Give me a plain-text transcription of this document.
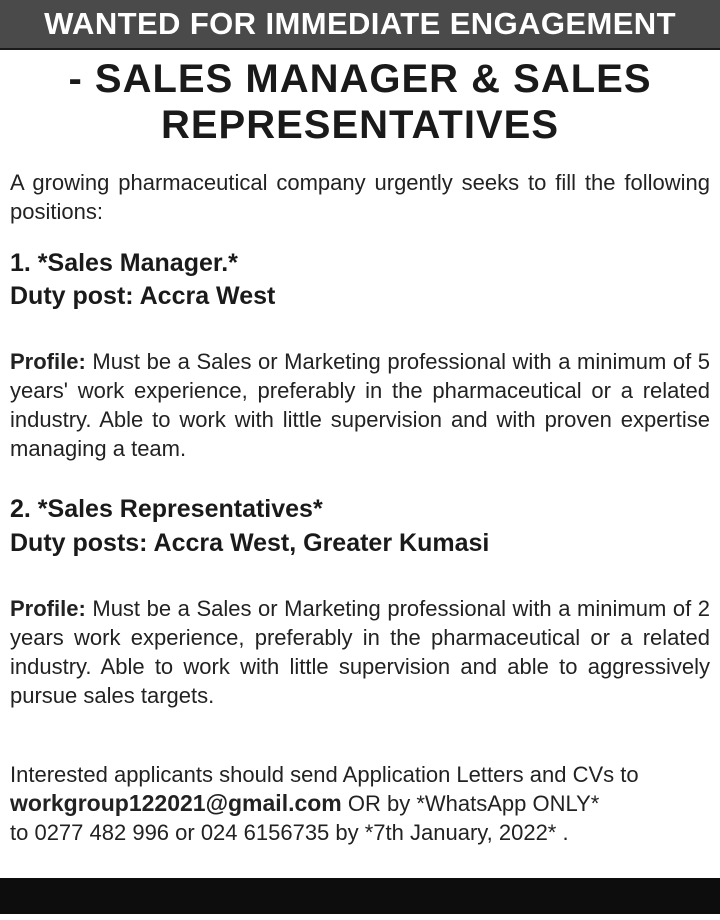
WANTED FOR IMMEDIATE ENGAGEMENT
- SALES MANAGER & SALES
REPRESENTATIVES
A growing pharmaceutical company urgently seeks to fill the following positions:
1. *Sales Manager.*
Duty post: Accra West
Profile: Must be a Sales or Marketing professional with a minimum of 5 years' work experience, preferably in the pharmaceutical or a related industry. Able to work with little supervision and with proven expertise managing a team.
2. *Sales Representatives*
Duty posts: Accra West, Greater Kumasi
Profile: Must be a Sales or Marketing professional with a minimum of 2 years work experience, preferably in the pharmaceutical or a related industry. Able to work with little supervision and able to aggressively pursue sales targets.
Interested applicants should send Application Letters and CVs to
workgroup122021@gmail.com OR by *WhatsApp ONLY*
to 0277 482 996 or 024 6156735 by *7th January, 2022* .
